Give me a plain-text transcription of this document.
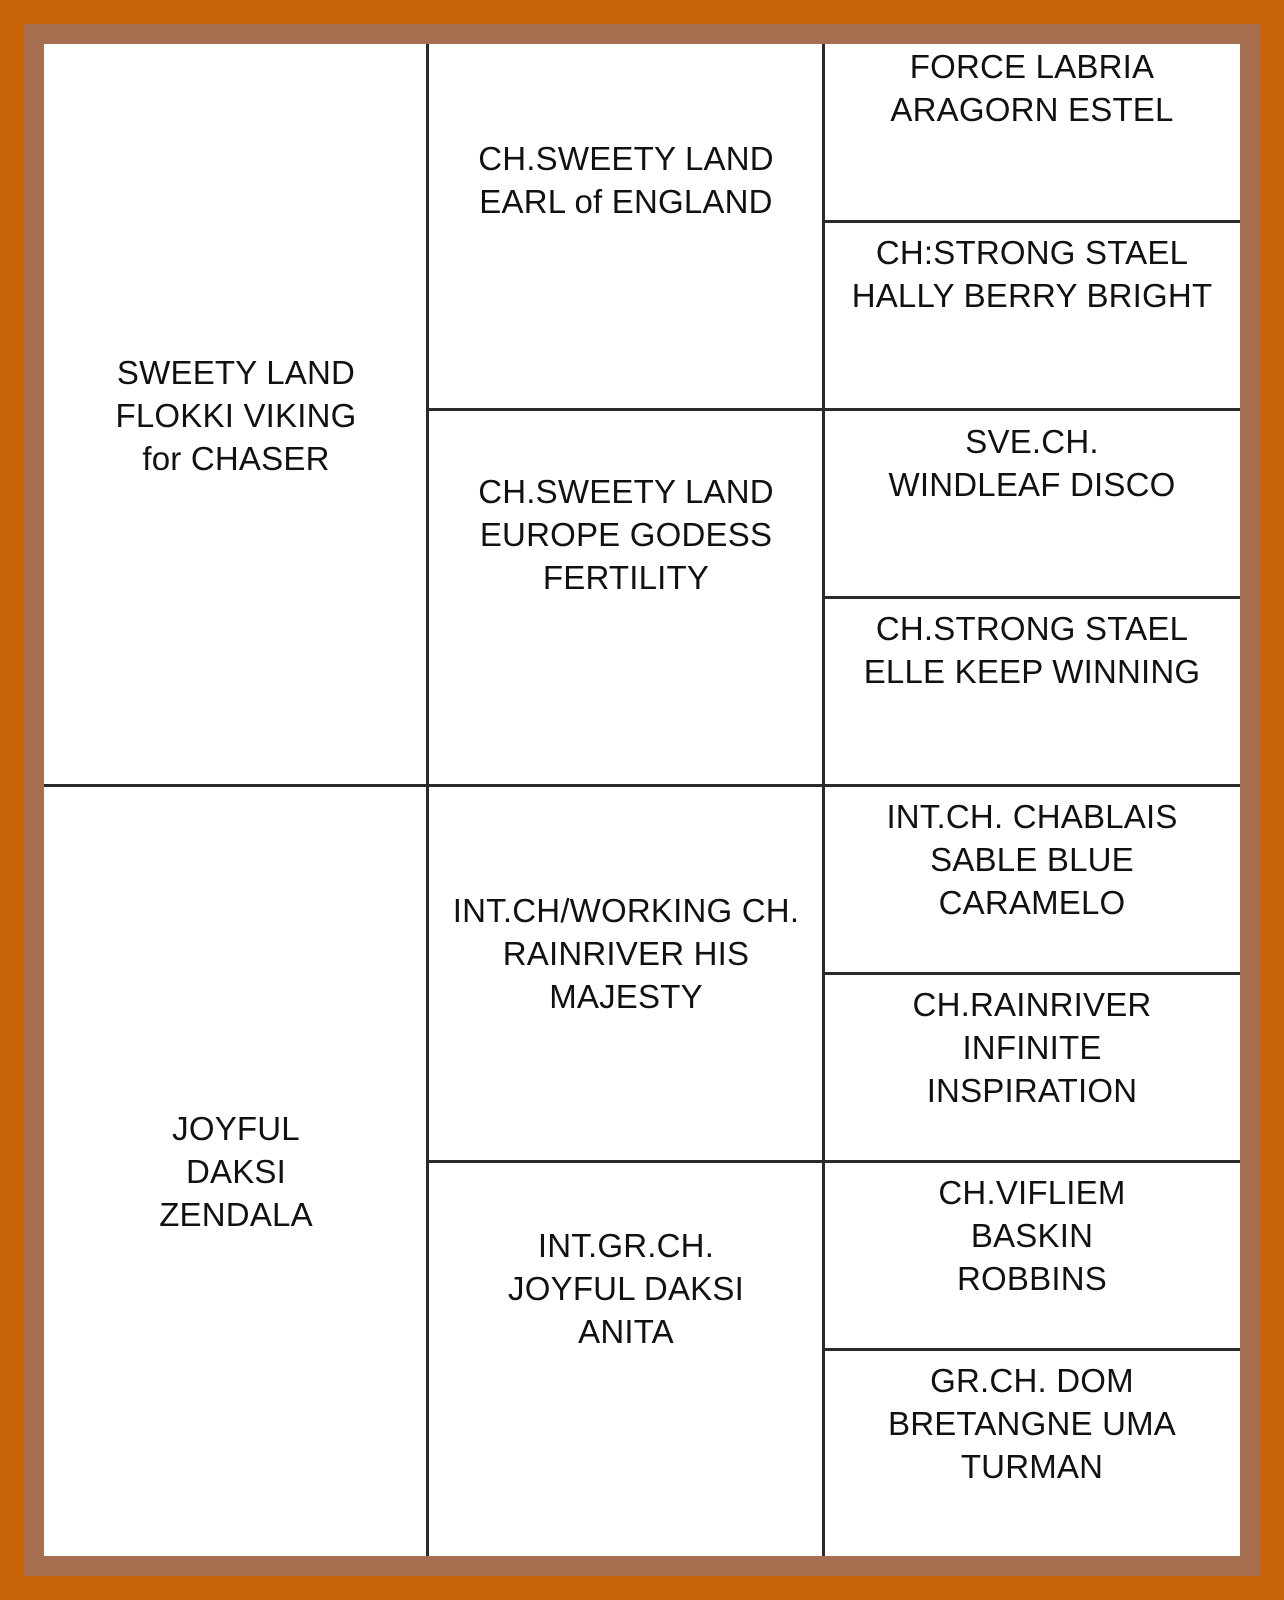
SWEETY LAND
FLOKKI VIKING
for CHASER
JOYFUL
DAKSI
ZENDALA
CH.SWEETY LAND
EARL of ENGLAND
CH.SWEETY LAND
EUROPE GODESS
FERTILITY
INT.CH/WORKING CH.
RAINRIVER HIS
MAJESTY
INT.GR.CH.
JOYFUL DAKSI
ANITA
FORCE LABRIA
ARAGORN ESTEL
CH:STRONG STAEL
HALLY BERRY BRIGHT
SVE.CH.
WINDLEAF DISCO
CH.STRONG STAEL
ELLE KEEP WINNING
INT.CH. CHABLAIS
SABLE BLUE
CARAMELO
CH.RAINRIVER
INFINITE
INSPIRATION
CH.VIFLIEM
BASKIN
ROBBINS
GR.CH. DOM
BRETANGNE UMA
TURMAN
